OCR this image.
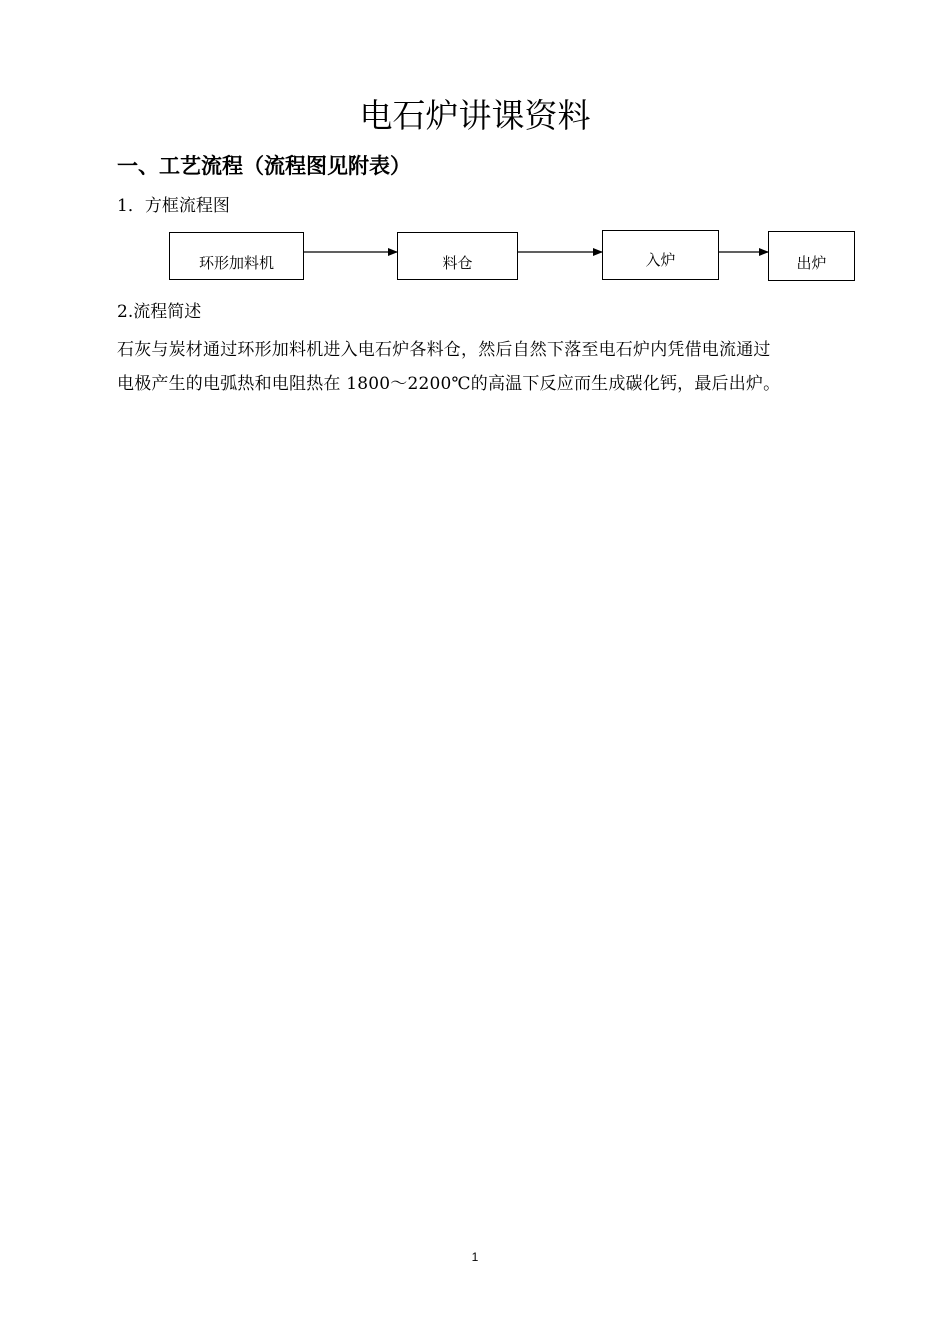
电石炉讲课资料
一、工艺流程（流程图见附表）

1．方框流程图

环形加料机	料仓	入炉	出炉

2.流程简述

石灰与炭材通过环形加料机进入电石炉各料仓，然后自然下落至电石炉内凭借电流通过
电极产生的电弧热和电阻热在 1800～2200℃的高温下反应而生成碳化钙，最后出炉。

1
